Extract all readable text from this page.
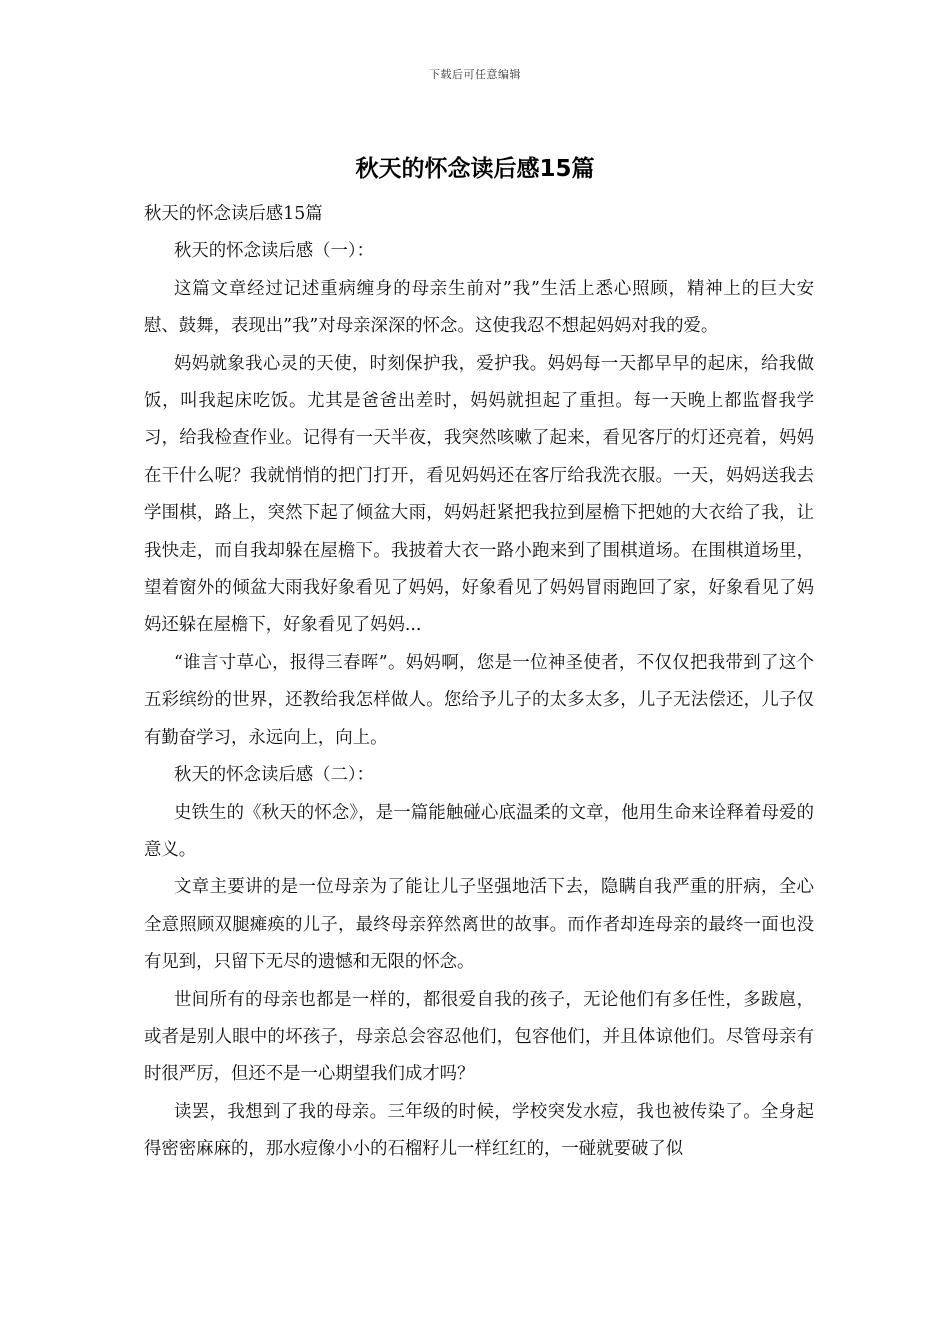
下载后可任意编辑
秋天的怀念读后感15篇

秋天的怀念读后感15篇

秋天的怀念读后感（一）：

这篇文章经过记述重病缠身的母亲生前对”我”生活上悉心照顾，精神上的巨大安慰、鼓舞，表现出”我”对母亲深深的怀念。这使我忍不想起妈妈对我的爱。

妈妈就象我心灵的天使，时刻保护我，爱护我。妈妈每一天都早早的起床，给我做饭，叫我起床吃饭。尤其是爸爸出差时，妈妈就担起了重担。每一天晚上都监督我学习，给我检查作业。记得有一天半夜，我突然咳嗽了起来，看见客厅的灯还亮着，妈妈在干什么呢？我就悄悄的把门打开，看见妈妈还在客厅给我洗衣服。一天，妈妈送我去学围棋，路上，突然下起了倾盆大雨，妈妈赶紧把我拉到屋檐下把她的大衣给了我，让我快走，而自我却躲在屋檐下。我披着大衣一路小跑来到了围棋道场。在围棋道场里，望着窗外的倾盆大雨我好象看见了妈妈，好象看见了妈妈冒雨跑回了家，好象看见了妈妈还躲在屋檐下，好象看见了妈妈...

“谁言寸草心，报得三春晖”。妈妈啊，您是一位神圣使者，不仅仅把我带到了这个五彩缤纷的世界，还教给我怎样做人。您给予儿子的太多太多，儿子无法偿还，儿子仅有勤奋学习，永远向上，向上。

秋天的怀念读后感（二）：

史铁生的《秋天的怀念》，是一篇能触碰心底温柔的文章，他用生命来诠释着母爱的意义。

文章主要讲的是一位母亲为了能让儿子坚强地活下去，隐瞒自我严重的肝病，全心全意照顾双腿瘫痪的儿子，最终母亲猝然离世的故事。而作者却连母亲的最终一面也没有见到，只留下无尽的遗憾和无限的怀念。

世间所有的母亲也都是一样的，都很爱自我的孩子，无论他们有多任性，多跋扈，或者是别人眼中的坏孩子，母亲总会容忍他们，包容他们，并且体谅他们。尽管母亲有时很严厉，但还不是一心期望我们成才吗？

读罢，我想到了我的母亲。三年级的时候，学校突发水痘，我也被传染了。全身起得密密麻麻的，那水痘像小小的石榴籽儿一样红红的，一碰就要破了似
